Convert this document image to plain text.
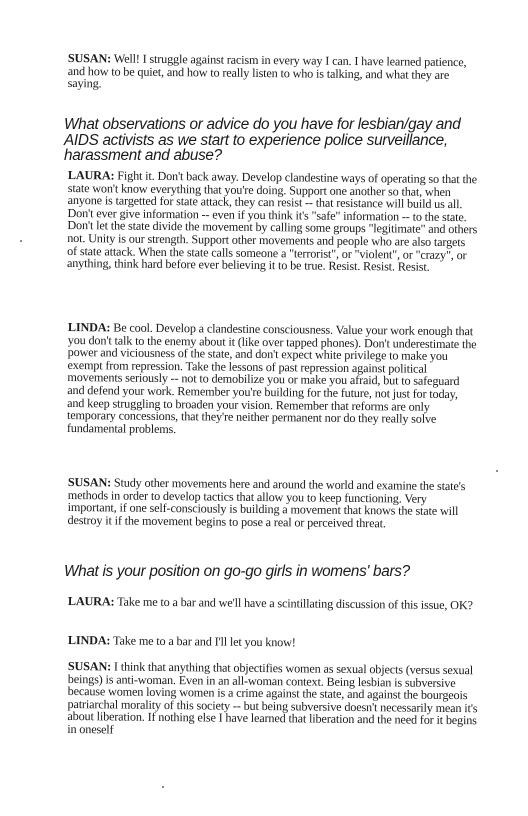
SUSAN: Well! I struggle against racism in every way I can. I have learned patience, and how to be quiet, and how to really listen to who is talking, and what they are saying.

What observations or advice do you have for lesbian/gay and AIDS activists as we start to experience police surveillance, harassment and abuse?

LAURA: Fight it. Don't back away. Develop clandestine ways of operating so that the state won't know everything that you're doing. Support one another so that, when anyone is targetted for state attack, they can resist -- that resistance will build us all. Don't ever give information -- even if you think it's "safe" information -- to the state. Don't let the state divide the movement by calling some groups "legitimate" and others not. Unity is our strength. Support other movements and people who are also targets of state attack. When the state calls someone a "terrorist", or "violent", or "crazy", or anything, think hard before ever believing it to be true. Resist. Resist. Resist.

LINDA: Be cool. Develop a clandestine consciousness. Value your work enough that you don't talk to the enemy about it (like over tapped phones). Don't underestimate the power and viciousness of the state, and don't expect white privilege to make you exempt from repression. Take the lessons of past repression against political movements seriously -- not to demobilize you or make you afraid, but to safeguard and defend your work. Remember you're building for the future, not just for today, and keep struggling to broaden your vision. Remember that reforms are only temporary concessions, that they're neither permanent nor do they really solve fundamental problems.

SUSAN: Study other movements here and around the world and examine the state's methods in order to develop tactics that allow you to keep functioning. Very important, if one self-consciously is building a movement that knows the state will destroy it if the movement begins to pose a real or perceived threat.

What is your position on go-go girls in womens' bars?

LAURA: Take me to a bar and we'll have a scintillating discussion of this issue, OK?

LINDA: Take me to a bar and I'll let you know!

SUSAN: I think that anything that objectifies women as sexual objects (versus sexual beings) is anti-woman. Even in an all-woman context. Being lesbian is subversive because women loving women is a crime against the state, and against the bourgeois patriarchal morality of this society -- but being subversive doesn't necessarily mean it's about liberation. If nothing else I have learned that liberation and the need for it begins in oneself
